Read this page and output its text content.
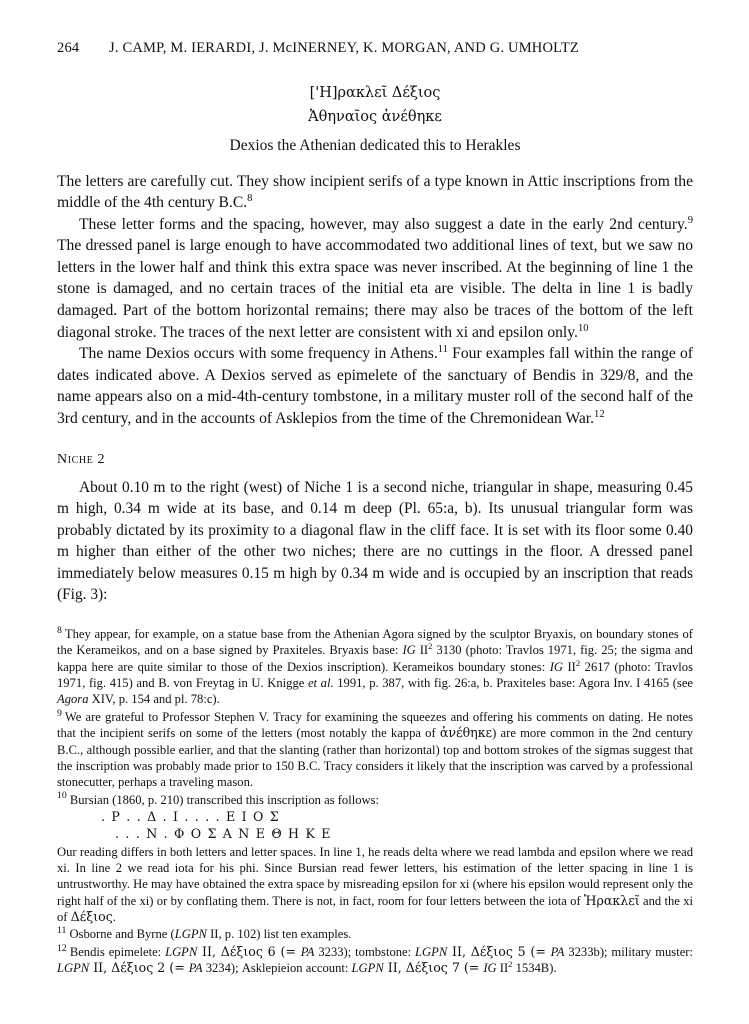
264	J. CAMP, M. IERARDI, J. McINERNEY, K. MORGAN, AND G. UMHOLTZ
['H]ρακλεῖ Δέξιος
Ἀθηναῖος ἀνέθηκε
Dexios the Athenian dedicated this to Herakles

The letters are carefully cut. They show incipient serifs of a type known in Attic inscriptions from the middle of the 4th century B.C.$^8$

These letter forms and the spacing, however, may also suggest a date in the early 2nd century.$^9$ The dressed panel is large enough to have accommodated two additional lines of text, but we saw no letters in the lower half and think this extra space was never inscribed. At the beginning of line 1 the stone is damaged, and no certain traces of the initial eta are visible. The delta in line 1 is badly damaged. Part of the bottom horizontal remains; there may also be traces of the bottom of the left diagonal stroke. The traces of the next letter are consistent with xi and epsilon only.$^{10}$

The name Dexios occurs with some frequency in Athens.$^{11}$ Four examples fall within the range of dates indicated above. A Dexios served as epimelete of the sanctuary of Bendis in 329/8, and the name appears also on a mid-4th-century tombstone, in a military muster roll of the second half of the 3rd century, and in the accounts of Asklepios from the time of the Chremonidean War.$^{12}$

Niche 2

About 0.10 m to the right (west) of Niche 1 is a second niche, triangular in shape, measuring 0.45 m high, 0.34 m wide at its base, and 0.14 m deep (Pl. 65:a, b). Its unusual triangular form was probably dictated by its proximity to a diagonal flaw in the cliff face. It is set with its floor some 0.40 m higher than either of the other two niches; there are no cuttings in the floor. A dressed panel immediately below measures 0.15 m high by 0.34 m wide and is occupied by an inscription that reads (Fig. 3):

$^8$ They appear, for example, on a statue base from the Athenian Agora signed by the sculptor Bryaxis, on boundary stones of the Kerameikos, and on a base signed by Praxiteles. Bryaxis base: IG $II^2$ 3130 (photo: Travlos 1971, fig. 25; the sigma and kappa here are quite similar to those of the Dexios inscription). Kerameikos boundary stones: IG $II^2$ 2617 (photo: Travlos 1971, fig. 415) and B. von Freytag in U. Knigge et al. 1991, p. 387, with fig. 26:a, b. Praxiteles base: Agora Inv. I 4165 (see Agora XIV, p. 154 and pl. 78:c).

$^9$ We are grateful to Professor Stephen V. Tracy for examining the squeezes and offering his comments on dating. He notes that the incipient serifs on some of the letters (most notably the kappa of ἀνέθηκε) are more common in the 2nd century B.C., although possible earlier, and that the slanting (rather than horizontal) top and bottom strokes of the sigmas suggest that the inscription was probably made prior to 150 B.C. Tracy considers it likely that the inscription was carved by a professional stonecutter, perhaps a traveling mason.

$^{10}$ Bursian (1860, p. 210) transcribed this inscription as follows:

. Ρ . . Δ . Ι . . . . Ε Ι Ο Σ

. . . Ν . Φ Ο Σ Α Ν Ε Θ Η Κ Ε

Our reading differs in both letters and letter spaces. In line 1, he reads delta where we read lambda and epsilon where we read xi. In line 2 we read iota for his phi. Since Bursian read fewer letters, his estimation of the letter spacing in line 1 is untrustworthy. He may have obtained the extra space by misreading epsilon for xi (where his epsilon would represent only the right half of the xi) or by conflating them. There is not, in fact, room for four letters between the iota of Ἡρακλεῖ and the xi of Δέξιος.

$^{11}$ Osborne and Byrne (LGPN II, p. 102) list ten examples.

$^{12}$ Bendis epimelete: LGPN II, Δέξιος 6 (= PA 3233); tombstone: LGPN II, Δέξιος 5 (= PA 3233b); military muster: LGPN II, Δέξιος 2 (= PA 3234); Asklepieion account: LGPN II, Δέξιος 7 (= IG $II^2$ 1534B).
